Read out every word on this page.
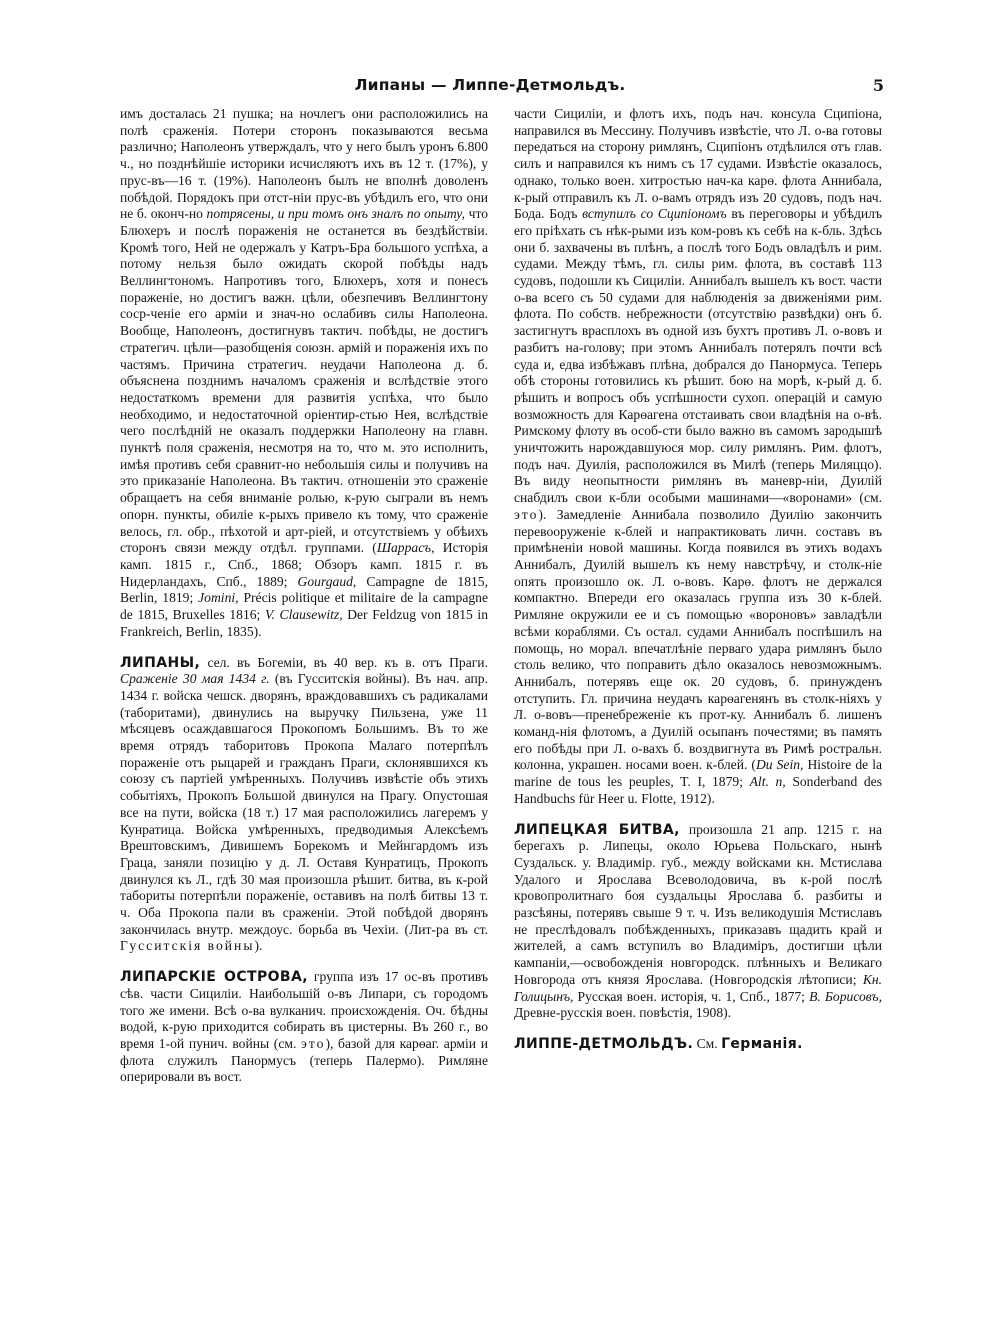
Липаны — Липпе-Детмольдъ.	5

имъ досталась 21 пушка; на ночлегъ они расположились на полѣ сраженія. Потери сторонъ показываются весьма различно; Наполеонъ утверждалъ, что у него былъ уронъ 6.800 ч., но позднѣйшіе историки исчисляютъ ихъ въ 12 т. (17%), у прус-въ—16 т. (19%). Наполеонъ былъ не вполнѣ доволенъ побѣдой. Порядокъ при отст-ніи прус-въ убѣдилъ его, что они не б. оконч-но потрясены, и при томъ онъ зналъ по опыту, что Блюхеръ и послѣ пораженія не останется въ бездѣйствіи. Кромѣ того, Ней не одержалъ у Катръ-Бра большого успѣха, а потому нельзя было ожидать скорой побѣды надъ Веллингтономъ. Напротивъ того, Блюхеръ, хотя и понесъ пораженіе, но достигъ важн. цѣли, обезпечивъ Веллингтону соср-ченіе его арміи и знач-но ослабивъ силы Наполеона. Вообще, Наполеонъ, достигнувъ тактич. побѣды, не достигъ стратегич. цѣли—разобщенія союзн. армій и пораженія ихъ по частямъ. Причина стратегич. неудачи Наполеона д. б. объяснена позднимъ началомъ сраженія и вслѣдствіе этого недостаткомъ времени для развитія успѣха, что было необходимо, и недостаточной оріентир-стью Нея, вслѣдствіе чего послѣдній не оказалъ поддержки Наполеону на главн. пунктѣ поля сраженія, несмотря на то, что м. это исполнить, имѣя противъ себя сравнит-но небольшія силы и получивъ на это приказаніе Наполеона. Въ тактич. отношеніи это сраженіе обращаетъ на себя вниманіе ролью, к-рую сыграли въ немъ опорн. пункты, обиліе к-рыхъ привело къ тому, что сраженіе велось, гл. обр., пѣхотой и арт-рiей, и отсутствіемъ у обѣихъ сторонъ связи между отдѣл. группами. (Шаррасъ, Исторія камп. 1815 г., Спб., 1868; Обзоръ камп. 1815 г. въ Нидерландахъ, Спб., 1889; Gourgaud, Campagne de 1815, Berlin, 1819; Jomini, Précis politique et militaire de la campagne de 1815, Bruxelles 1816; V. Clausewitz, Der Feldzug von 1815 in Frankreich, Berlin, 1835).

ЛИПАНЫ, сел. въ Богеміи, въ 40 вер. къ в. отъ Праги. Сраженіе 30 мая 1434 г. (въ Гусситскія войны). Въ нач. апр. 1434 г. войска чешск. дворянъ, враждовавшихъ съ радикалами (таборитами), двинулись на выручку Пильзена, уже 11 мѣсяцевъ осаждавшагося Прокопомъ Большимъ. Въ то же время отрядъ таборитовъ Прокопа Малаго потерпѣлъ пораженіе отъ рыцарей и гражданъ Праги, склонявшихся къ союзу съ партіей умѣренныхъ. Получивъ извѣстіе объ этихъ событіяхъ, Прокопъ Большой двинулся на Прагу. Опустошая все на пути, войска (18 т.) 17 мая расположились лагеремъ у Кунратица. Войска умѣренныхъ, предводимыя Алексѣемъ Врештовскимъ, Дивишемъ Борекомъ и Мейнгардомъ изъ Граца, заняли позицію у д. Л. Оставя Кунратицъ, Прокопъ двинулся къ Л., гдѣ 30 мая произошла рѣшит. битва, въ к-рой табориты потерпѣли пораженіе, оставивъ на полѣ битвы 13 т. ч. Оба Прокопа пали въ сраженіи. Этой побѣдой дворянъ закончилась внутр. междоус. борьба въ Чехіи. (Лит-ра въ ст. Гусситскія войны).

ЛИПАРСКІЕ ОСТРОВА, группа изъ 17 ос-въ противъ сѣв. части Сициліи. Наибольшій о-въ Липари, съ городомъ того же имени. Всѣ о-ва вулканич. происхожденія. Оч. бѣдны водой, к-рую приходится собирать въ цистерны. Въ 260 г., во время 1-ой пунич. войны (см. это), базой для карѳаг. арміи и флота служилъ Панормусъ (теперь Палермо). Римляне оперировали въ вост.

части Сициліи, и флотъ ихъ, подъ нач. консула Сципіона, направился въ Мессину. Получивъ извѣстіе, что Л. о-ва готовы передаться на сторону римлянъ, Сципіонъ отдѣлился отъ глав. силъ и направился къ нимъ съ 17 судами. Извѣстіе оказалось, однако, только воен. хитростью нач-ка карѳ. флота Аннибала, к-рый отправилъ къ Л. о-вамъ отрядъ изъ 20 судовъ, подъ нач. Бода. Бодъ вступилъ со Сципіономъ въ переговоры и убѣдилъ его пріѣхать съ нѣк-рыми изъ ком-ровъ къ себѣ на к-бль. Здѣсь они б. захвачены въ плѣнъ, а послѣ того Бодъ овладѣлъ и рим. судами. Между тѣмъ, гл. силы рим. флота, въ составѣ 113 судовъ, подошли къ Сициліи. Аннибалъ вышелъ къ вост. части о-ва всего съ 50 судами для наблюденія за движеніями рим. флота. По собств. небрежности (отсутствію развѣдки) онъ б. застигнутъ врасплохъ въ одной изъ бухтъ противъ Л. о-вовъ и разбитъ на-голову; при этомъ Аннибалъ потерялъ почти всѣ суда и, едва избѣжавъ плѣна, добрался до Панормуса. Теперь обѣ стороны готовились къ рѣшит. бою на морѣ, к-рый д. б. рѣшить и вопросъ объ успѣшности сухоп. операцій и самую возможность для Карѳагена отстаивать свои владѣнія на о-вѣ. Римскому флоту въ особ-сти было важно въ самомъ зародышѣ уничтожить нарождавшуюся мор. силу римлянъ. Рим. флотъ, подъ нач. Дуилія, расположился въ Милѣ (теперь Миляццо). Въ виду неопытности римлянъ въ маневр-ніи, Дуилій снабдилъ свои к-бли особыми машинами—«воронами» (см. это). Замедленіе Аннибала позволило Дуилію закончить перевооруженіе к-блей и напрактиковать личн. составъ въ примѣненіи новой машины. Когда появился въ этихъ водахъ Аннибалъ, Дуилій вышелъ къ нему навстрѣчу, и столк-ніе опять произошло ок. Л. о-вовъ. Карѳ. флотъ не держался компактно. Впереди его оказалась группа изъ 30 к-блей. Римляне окружили ее и съ помощью «вороновъ» завладѣли всѣми кораблями. Съ остал. судами Аннибалъ поспѣшилъ на помощь, но морал. впечатлѣніе перваго удара римлянъ было столь велико, что поправить дѣло оказалось невозможнымъ. Аннибалъ, потерявъ еще ок. 20 судовъ, б. принужденъ отступить. Гл. причина неудачъ карѳагенянъ въ столк-ніяхъ у Л. о-вовъ—пренебреженіе къ прот-ку. Аннибалъ б. лишенъ команд-нія флотомъ, а Дуилій осыпанъ почестями; въ память его побѣды при Л. о-вахъ б. воздвигнута въ Римѣ ростральн. колонна, украшен. носами воен. к-блей. (Du Sein, Histoire de la marine de tous les peuples, T. I, 1879; Alt. n, Sonderband des Handbuchs für Heer u. Flotte, 1912).

ЛИПЕЦКАЯ БИТВА, произошла 21 апр. 1215 г. на берегахъ р. Липецы, около Юрьева Польскаго, нынѣ Суздальск. у. Владимір. губ., между войсками кн. Мстислава Удалого и Ярослава Всеволодовича, въ к-рой послѣ кровопролитнаго боя суздальцы Ярослава б. разбиты и разсѣяны, потерявъ свыше 9 т. ч. Изъ великодушія Мстиславъ не преслѣдовалъ побѣжденныхъ, приказавъ щадить край и жителей, а самъ вступилъ во Владиміръ, достигши цѣли кампаніи,—освобожденія новгородск. плѣнныхъ и Великаго Новгорода отъ князя Ярослава. (Новгородскія лѣтописи; Кн. Голицынъ, Русская воен. исторія, ч. 1, Спб., 1877; В. Борисовъ, Древне-русскія воен. повѣстія, 1908).

ЛИППЕ-ДЕТМОЛЬДЪ. См. Германія.
